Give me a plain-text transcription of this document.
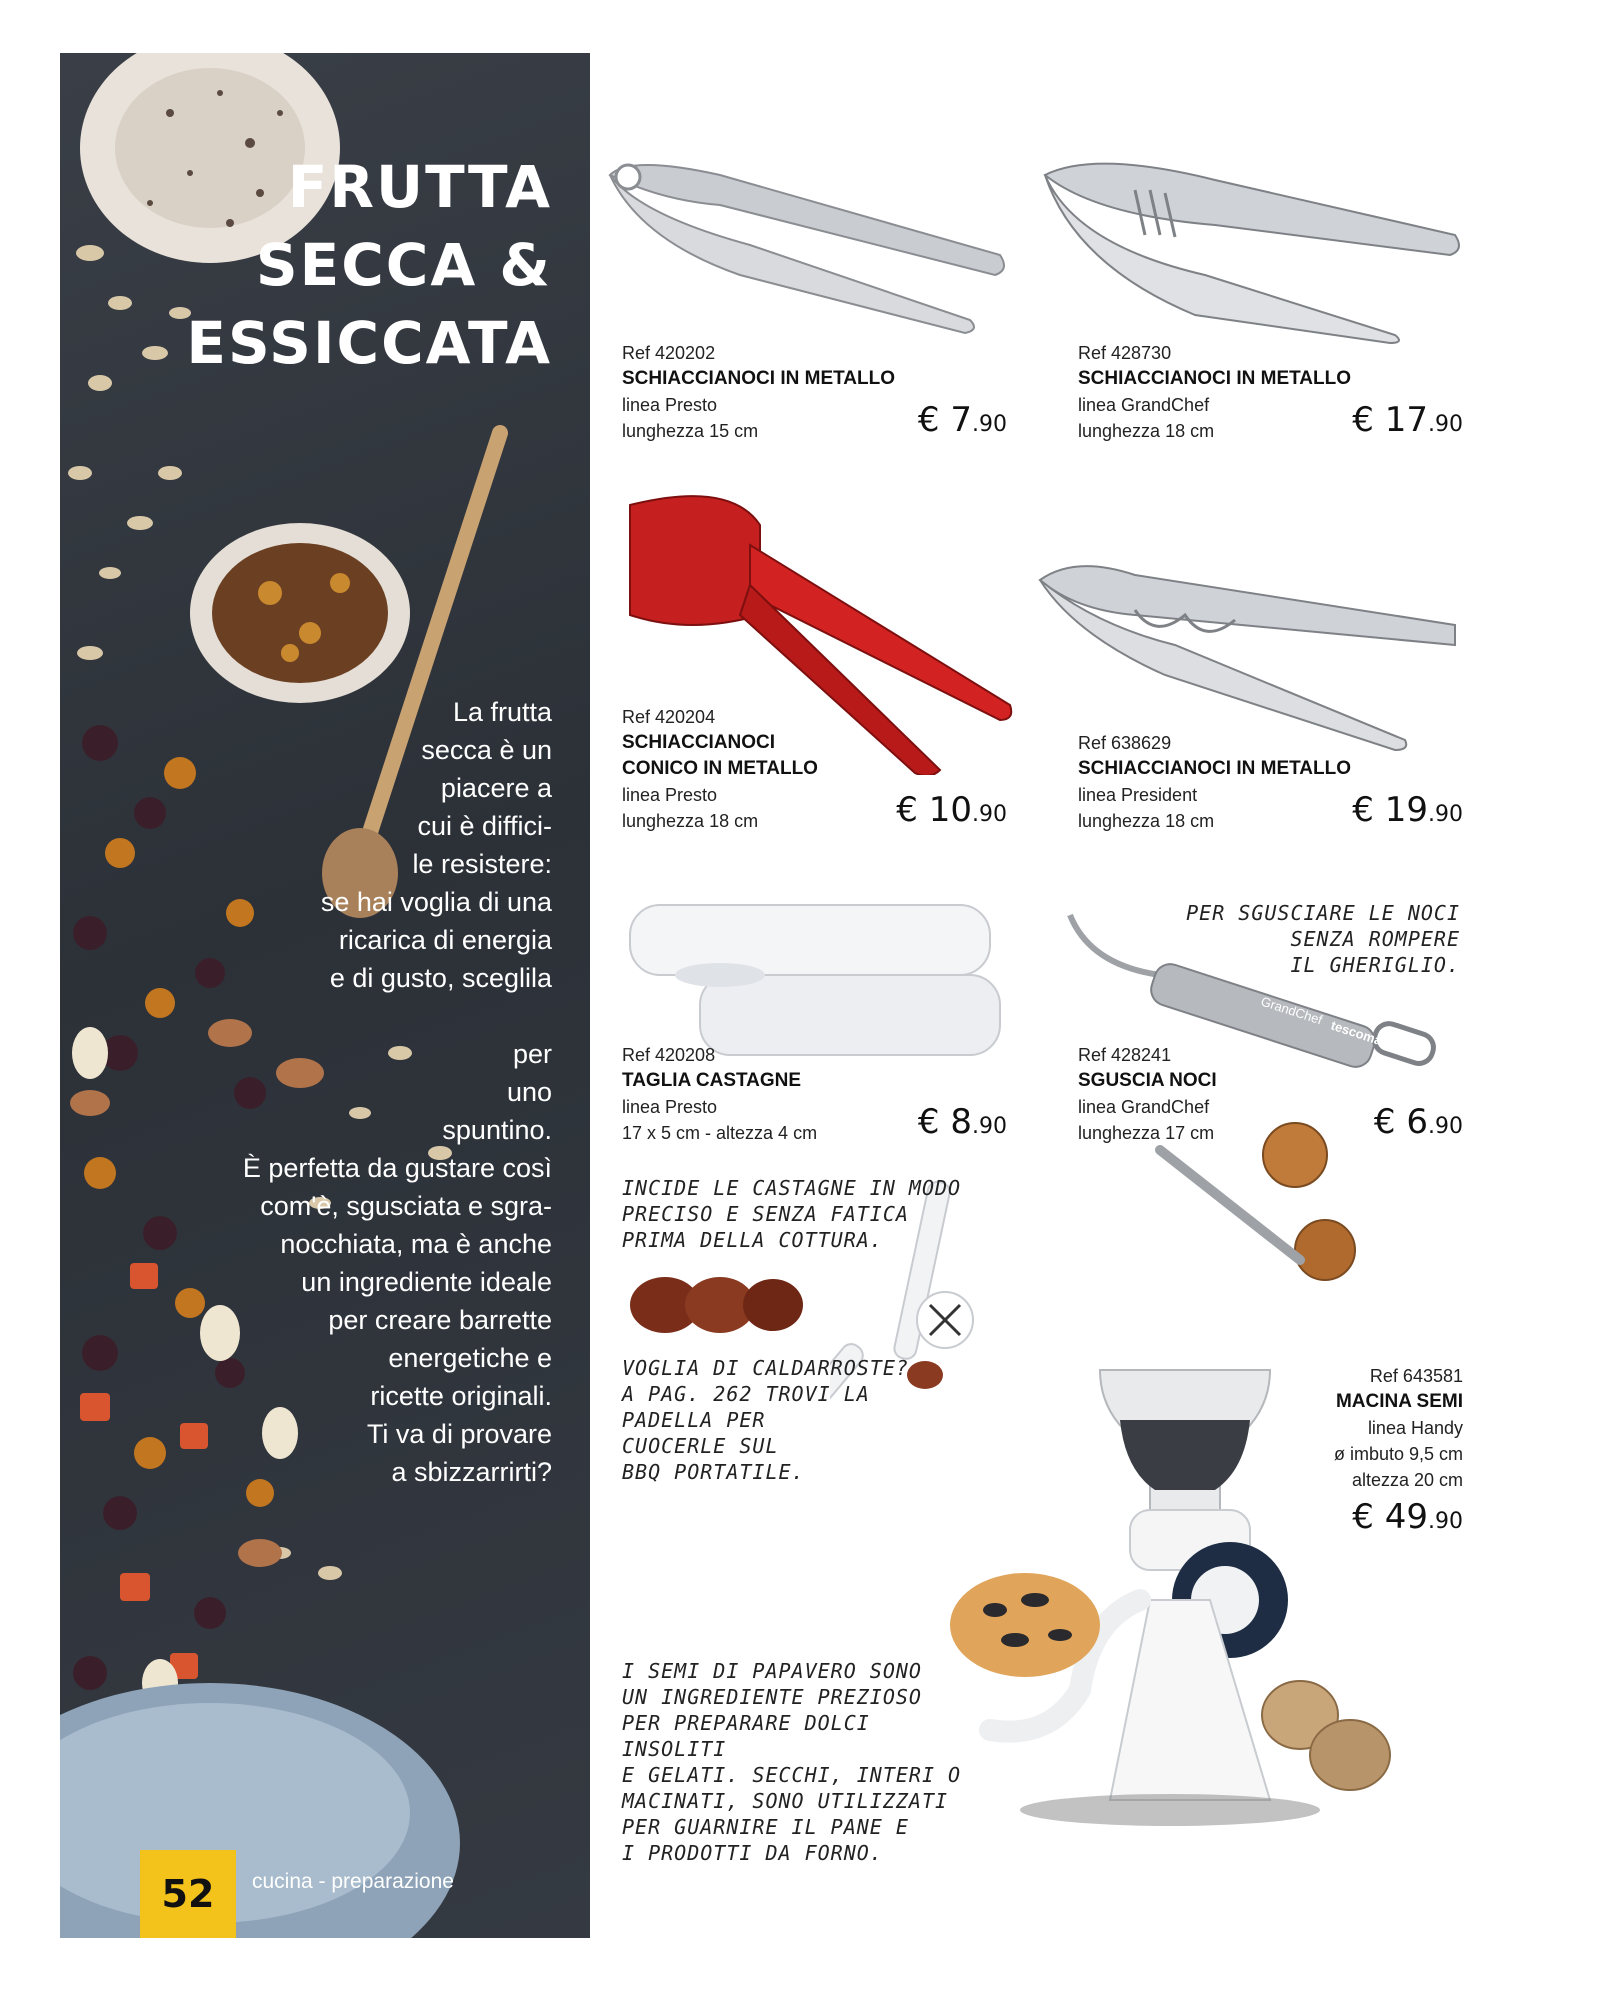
FRUTTA
SECCA &
ESSICCATA
La frutta
secca è un
piacere a
cui è diffici-
le resistere:
se hai voglia di una
ricarica di energia
e di gusto, sceglila

per
uno
spuntino.
È perfetta da gustare così
com'è, sgusciata e sgra-
nocchiata, ma è anche
un ingrediente ideale
per creare barrette
energetiche e
ricette originali.
Ti va di provare
a sbizzarrirti?
52	cucina - preparazione
GrandChef
tescoma
Ref 420202
SCHIACCIANOCI IN METALLO
linea Presto
lunghezza 15 cm	€ 7.90
Ref 428730
SCHIACCIANOCI IN METALLO
linea GrandChef
lunghezza 18 cm	€ 17.90
Ref 420204
SCHIACCIANOCI
CONICO IN METALLO
linea Presto
lunghezza 18 cm	€ 10.90
Ref 638629
SCHIACCIANOCI IN METALLO
linea President
lunghezza 18 cm	€ 19.90
Ref 420208
TAGLIA CASTAGNE
linea Presto
17 x 5 cm - altezza 4 cm	€ 8.90
Ref 428241
SGUSCIA NOCI
linea GrandChef
lunghezza 17 cm	€ 6.90
Ref 643581
MACINA SEMI
linea Handy
ø imbuto 9,5 cm
altezza 20 cm
€ 49.90
PER SGUSCIARE LE NOCI
SENZA ROMPERE
IL GHERIGLIO.
INCIDE LE CASTAGNE IN MODO
PRECISO E SENZA FATICA
PRIMA DELLA COTTURA.
VOGLIA DI CALDARROSTE?
A PAG. 262 TROVI LA
PADELLA PER
CUOCERLE SUL
BBQ PORTATILE.
I SEMI DI PAPAVERO SONO
UN INGREDIENTE PREZIOSO
PER PREPARARE DOLCI INSOLITI
E GELATI. SECCHI, INTERI O
MACINATI, SONO UTILIZZATI
PER GUARNIRE IL PANE E
I PRODOTTI DA FORNO.
